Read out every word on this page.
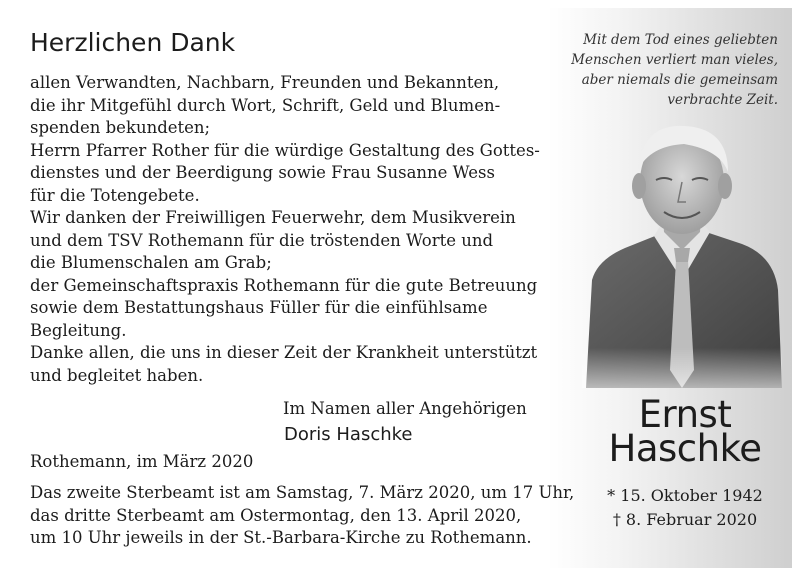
Herzlichen Dank
allen Verwandten, Nachbarn, Freunden und Bekannten,
die ihr Mitgefühl durch Wort, Schrift, Geld und Blumen-
spenden bekundeten;
Herrn Pfarrer Rother für die würdige Gestaltung des Gottes-
dienstes und der Beerdigung sowie Frau Susanne Wess
für die Totengebete.
Wir danken der Freiwilligen Feuerwehr, dem Musikverein
und dem TSV Rothemann für die tröstenden Worte und
die Blumenschalen am Grab;
der Gemeinschaftspraxis Rothemann für die gute Betreuung
sowie dem Bestattungshaus Füller für die einfühlsame
Begleitung.
Danke allen, die uns in dieser Zeit der Krankheit unterstützt
und begleitet haben.
Im Namen aller Angehörigen
Doris Haschke
Rothemann, im März 2020
Das zweite Sterbeamt ist am Samstag, 7. März 2020, um 17 Uhr,
das dritte Sterbeamt am Ostermontag, den 13. April 2020,
um 10 Uhr jeweils in der St.-Barbara-Kirche zu Rothemann.
Mit dem Tod eines geliebten
Menschen verliert man vieles,
aber niemals die gemeinsam
verbrachte Zeit.
Ernst
Haschke
* 15. Oktober 1942
† 8. Februar 2020
